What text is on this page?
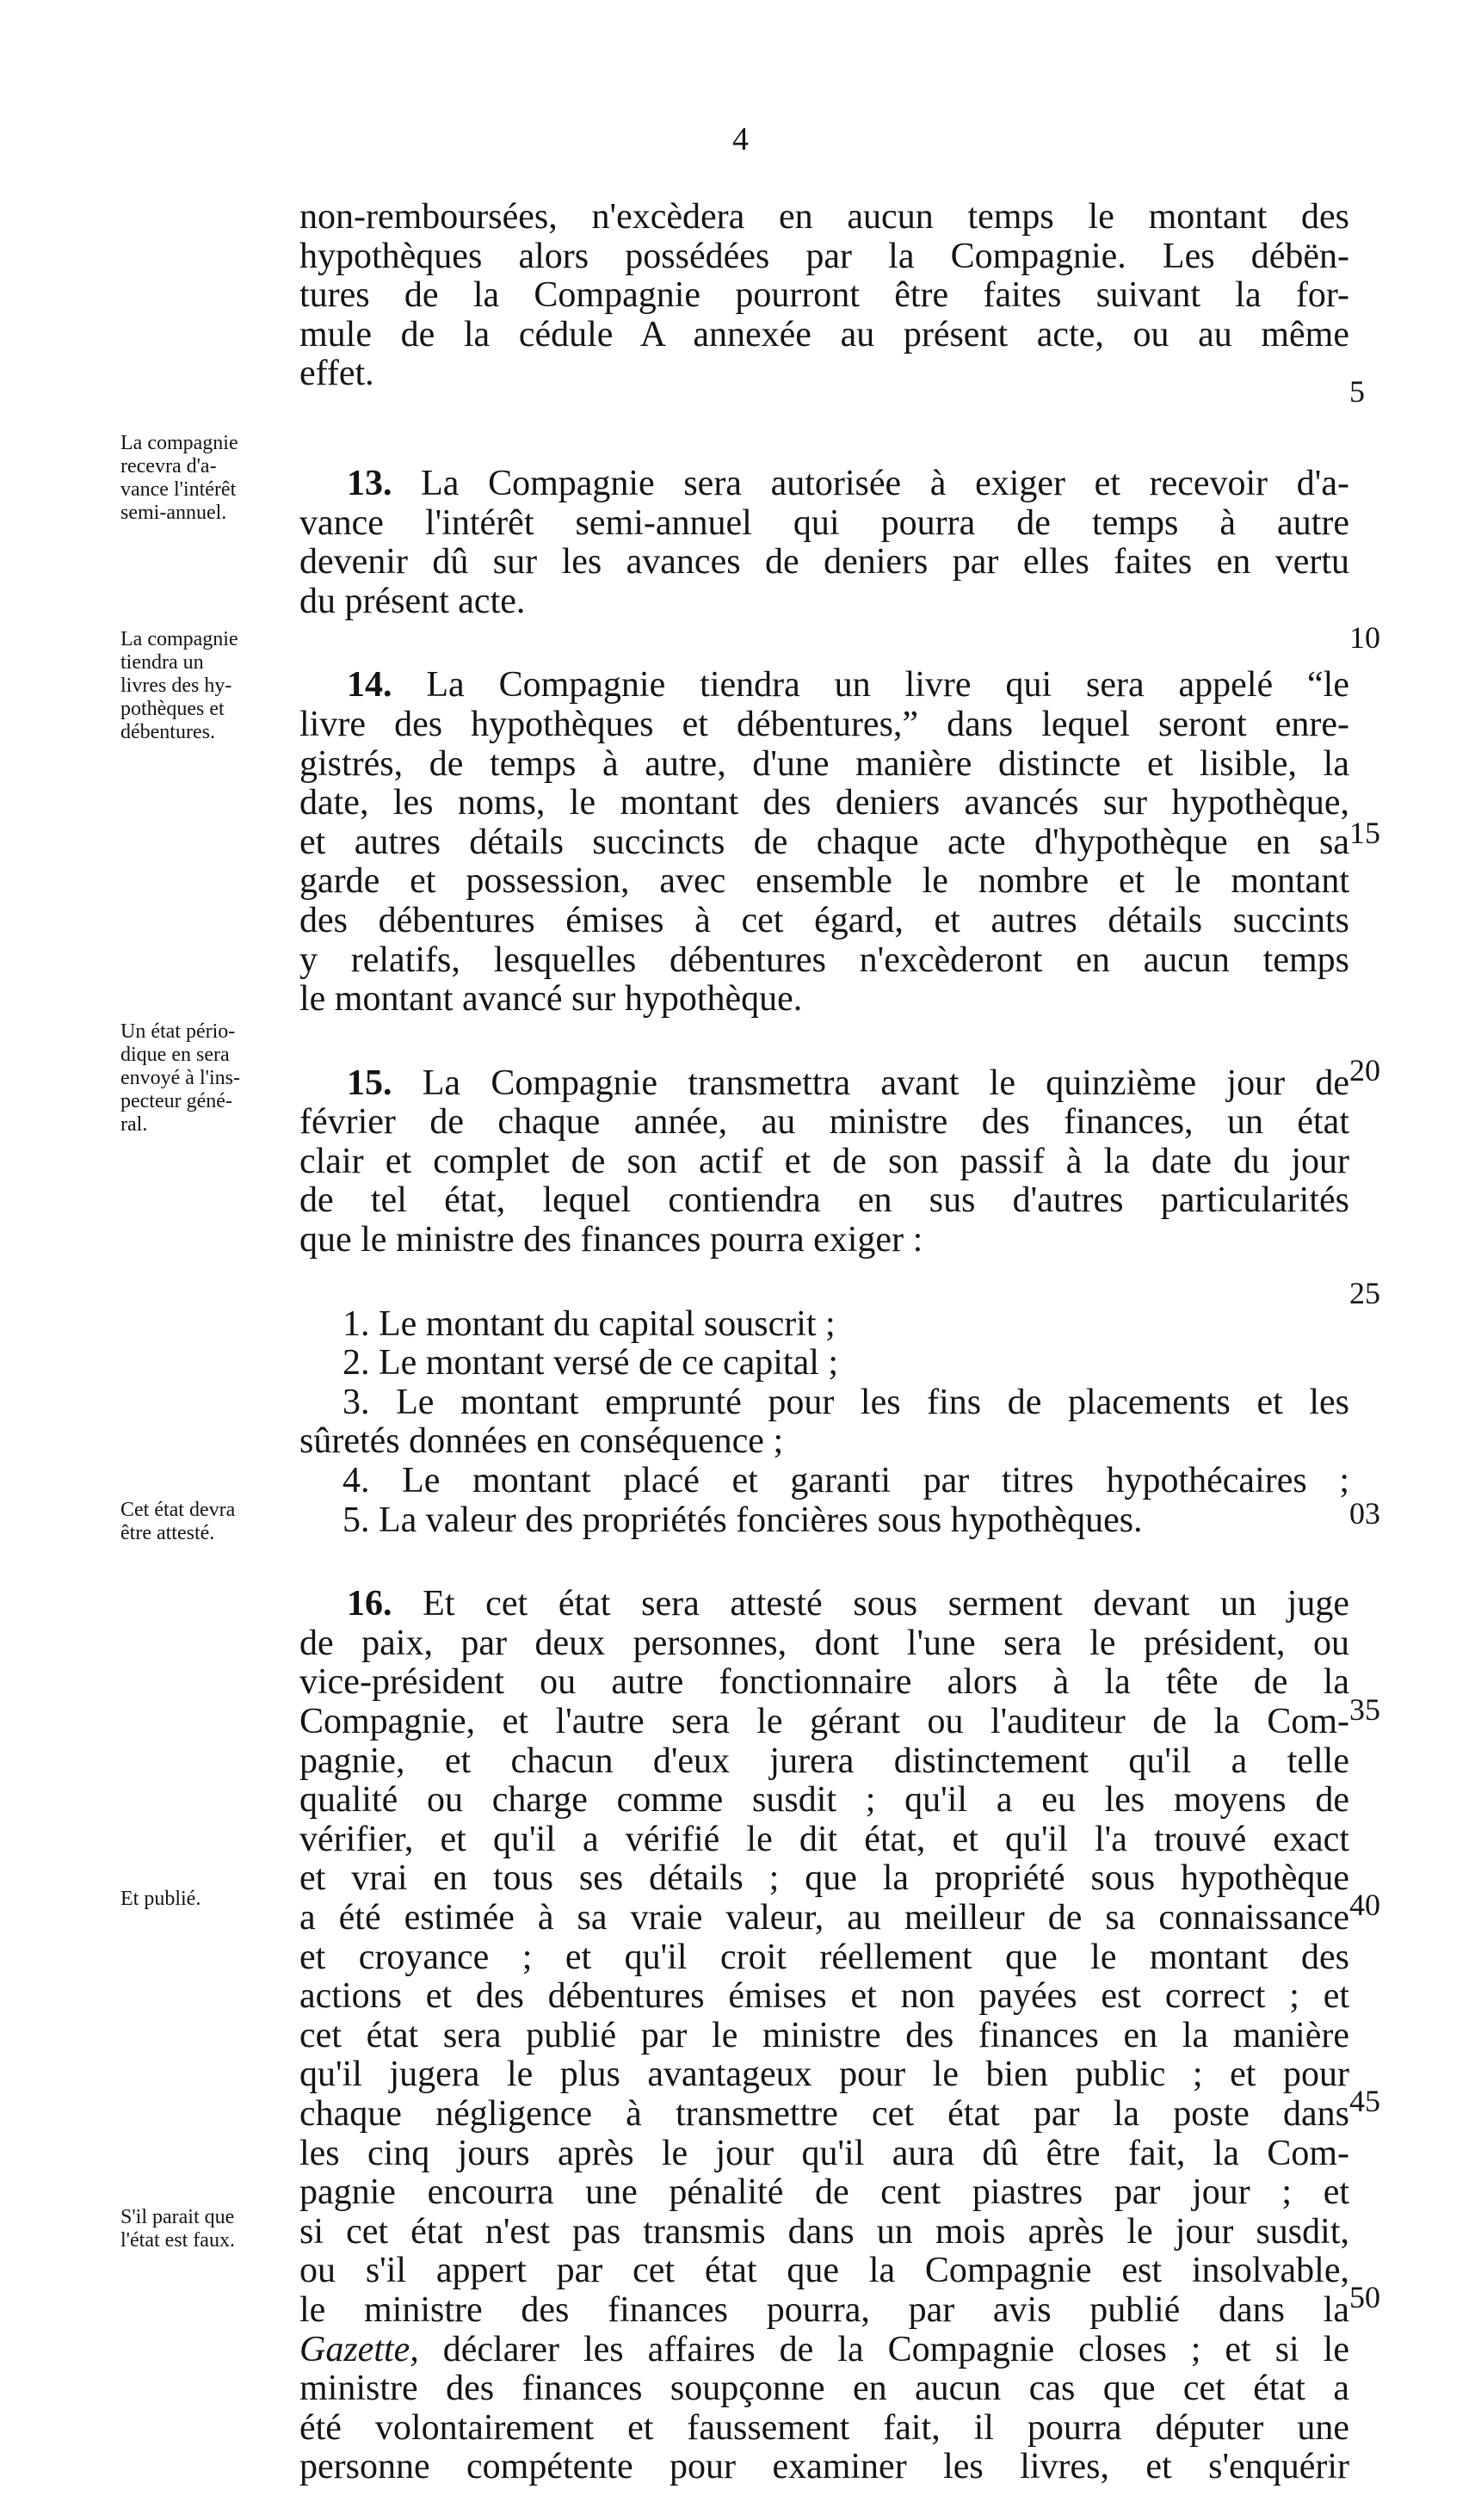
4
non-remboursées, n'excèdera en aucun temps le montant des
hypothèques alors possédées par la Compagnie. Les débën-
tures de la Compagnie pourront être faites suivant la for-
mule de la cédule A annexée au présent acte, ou au même
effet.
13. La Compagnie sera autorisée à exiger et recevoir d'a-
vance l'intérêt semi-annuel qui pourra de temps à autre
devenir dû sur les avances de deniers par elles faites en vertu
du présent acte.
14. La Compagnie tiendra un livre qui sera appelé “le
livre des hypothèques et débentures,” dans lequel seront enre-
gistrés, de temps à autre, d'une manière distincte et lisible, la
date, les noms, le montant des deniers avancés sur hypothèque,
et autres détails succincts de chaque acte d'hypothèque en sa
garde et possession, avec ensemble le nombre et le montant
des débentures émises à cet égard, et autres détails succints
y relatifs, lesquelles débentures n'excèderont en aucun temps
le montant avancé sur hypothèque.
15. La Compagnie transmettra avant le quinzième jour de
février de chaque année, au ministre des finances, un état
clair et complet de son actif et de son passif à la date du jour
de tel état, lequel contiendra en sus d'autres particularités
que le ministre des finances pourra exiger :
1. Le montant du capital souscrit ;
2. Le montant versé de ce capital ;
3. Le montant emprunté pour les fins de placements et les
sûretés données en conséquence ;
4. Le montant placé et garanti par titres hypothécaires ;
5. La valeur des propriétés foncières sous hypothèques.
16. Et cet état sera attesté sous serment devant un juge
de paix, par deux personnes, dont l'une sera le président, ou
vice-président ou autre fonctionnaire alors à la tête de la
Compagnie, et l'autre sera le gérant ou l'auditeur de la Com-
pagnie, et chacun d'eux jurera distinctement qu'il a telle
qualité ou charge comme susdit ; qu'il a eu les moyens de
vérifier, et qu'il a vérifié le dit état, et qu'il l'a trouvé exact
et vrai en tous ses détails ; que la propriété sous hypothèque
a été estimée à sa vraie valeur, au meilleur de sa connaissance
et croyance ; et qu'il croit réellement que le montant des
actions et des débentures émises et non payées est correct ; et
cet état sera publié par le ministre des finances en la manière
qu'il jugera le plus avantageux pour le bien public ; et pour
chaque négligence à transmettre cet état par la poste dans
les cinq jours après le jour qu'il aura dû être fait, la Com-
pagnie encourra une pénalité de cent piastres par jour ; et
si cet état n'est pas transmis dans un mois après le jour susdit,
ou s'il appert par cet état que la Compagnie est insolvable,
le ministre des finances pourra, par avis publié dans la
Gazette, déclarer les affaires de la Compagnie closes ; et si le
ministre des finances soupçonne en aucun cas que cet état a
été volontairement et faussement fait, il pourra députer une
personne compétente pour examiner les livres, et s'enquérir
5
10
15
20
25
03
35
40
45
50
La compagnie
recevra d'a-
vance l'intérêt
semi-annuel.
La compagnie
tiendra un
livres des hy-
pothèques et
débentures.
Un état pério-
dique en sera
envoyé à l'ins-
pecteur géné-
ral.
Cet état devra
être attesté.
Et publié.
S'il parait que
l'état est faux.
